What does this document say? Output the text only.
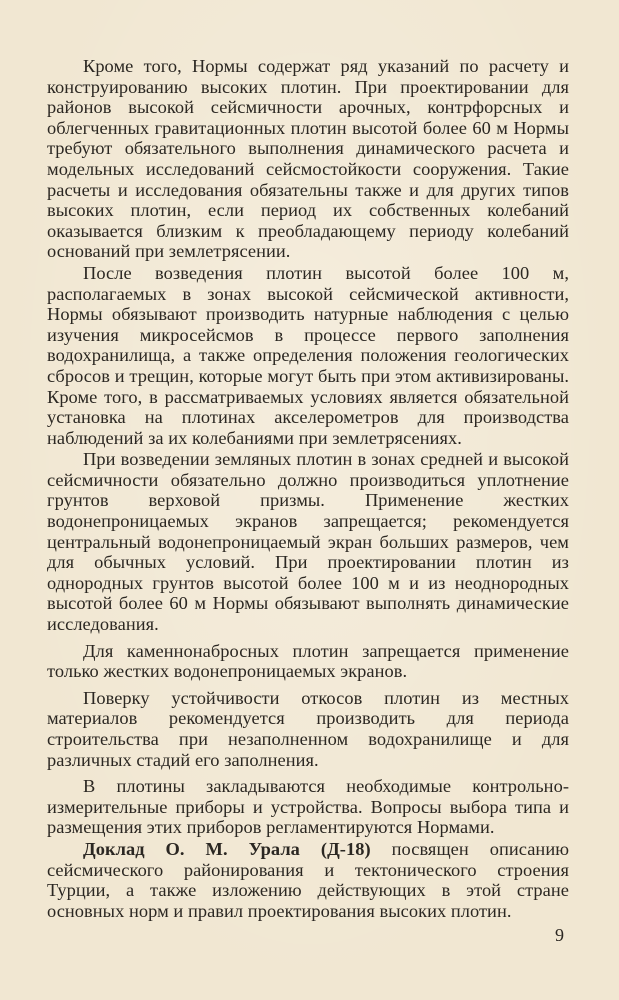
Кроме того, Нормы содержат ряд указаний по расчету и конструированию высоких плотин. При проектировании для районов высокой сейсмичности арочных, контрфорсных и облегченных гравитационных плотин высотой более 60 м Нормы требуют обязательного выполнения динамического расчета и модельных исследований сейсмостойкости сооружения. Такие расчеты и исследования обязательны также и для других типов высоких плотин, если период их собственных колебаний оказывается близким к преобладающему периоду колебаний оснований при землетрясении.

После возведения плотин высотой более 100 м, располагаемых в зонах высокой сейсмической активности, Нормы обязывают производить натурные наблюдения с целью изучения микросейсмов в процессе первого заполнения водохранилища, а также определения положения геологических сбросов и трещин, которые могут быть при этом активизированы. Кроме того, в рассматриваемых условиях является обязательной установка на плотинах акселерометров для производства наблюдений за их колебаниями при землетрясениях.

При возведении земляных плотин в зонах средней и высокой сейсмичности обязательно должно производиться уплотнение грунтов верховой призмы. Применение жестких водонепроницаемых экранов запрещается; рекомендуется центральный водонепроницаемый экран больших размеров, чем для обычных условий. При проектировании плотин из однородных грунтов высотой более 100 м и из неоднородных высотой более 60 м Нормы обязывают выполнять динамические исследования.

Для каменнонабросных плотин запрещается применение только жестких водонепроницаемых экранов.

Поверку устойчивости откосов плотин из местных материалов рекомендуется производить для периода строительства при незаполненном водохранилище и для различных стадий его заполнения.

В плотины закладываются необходимые контрольно-измерительные приборы и устройства. Вопросы выбора типа и размещения этих приборов регламентируются Нормами.

Доклад О. М. Урала (Д-18) посвящен описанию сейсмического районирования и тектонического строения Турции, а также изложению действующих в этой стране основных норм и правил проектирования высоких плотин.

9
